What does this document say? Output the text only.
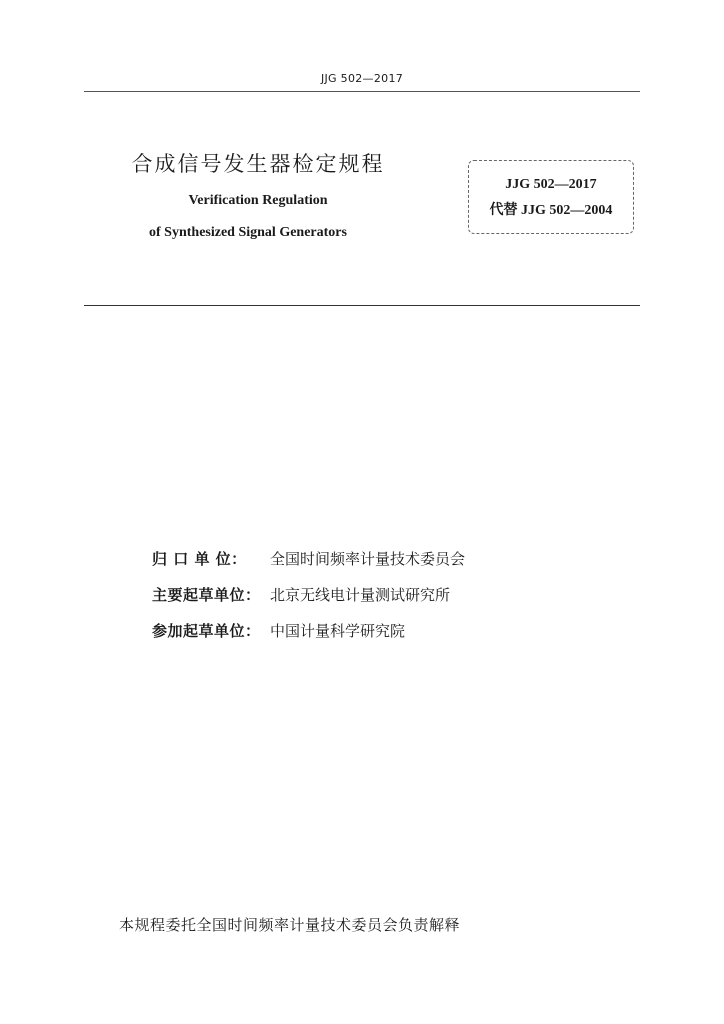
JJG 502—2017
合成信号发生器检定规程
Verification Regulation
of Synthesized Signal Generators
JJG 502—2017
代替 JJG 502—2004
归 口 单 位： 全国时间频率计量技术委员会
主要起草单位： 北京无线电计量测试研究所
参加起草单位： 中国计量科学研究院
本规程委托全国时间频率计量技术委员会负责解释
